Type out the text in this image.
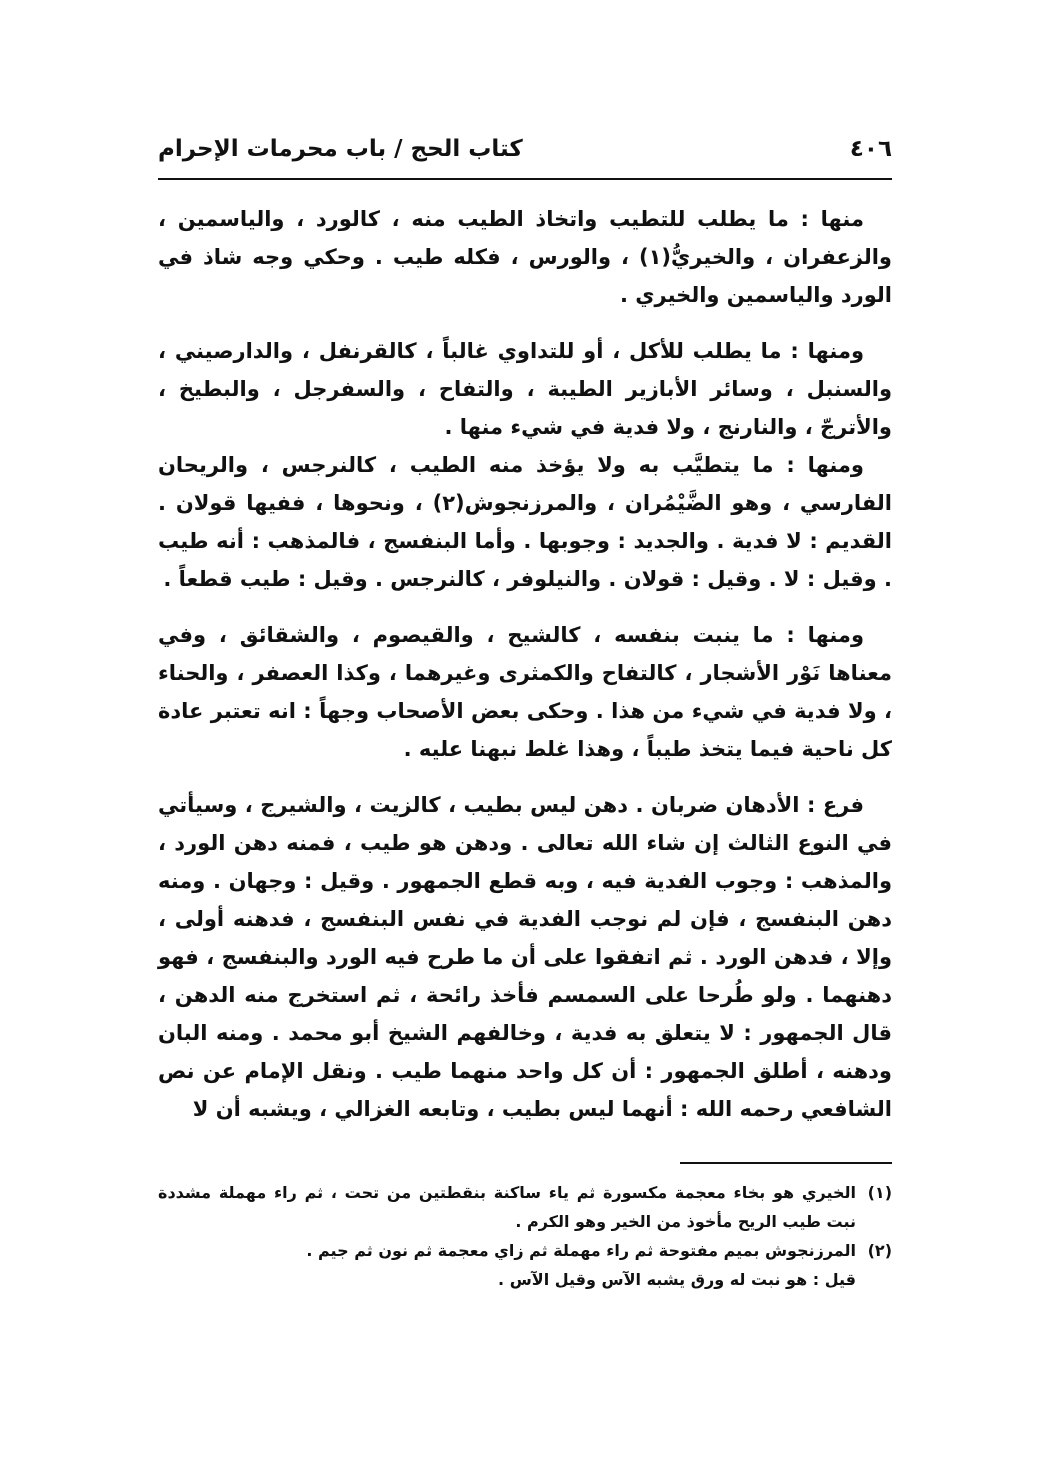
٤٠٦
كتاب الحج / باب محرمات الإحرام

منها : ما يطلب للتطيب واتخاذ الطيب منه ، كالورد ، والياسمين ، والزعفران ، والخيريُّ(١) ، والورس ، فكله طيب . وحكي وجه شاذ في الورد والياسمين والخيري .

ومنها : ما يطلب للأكل ، أو للتداوي غالباً ، كالقرنفل ، والدارصيني ، والسنبل ، وسائر الأبازير الطيبة ، والتفاح ، والسفرجل ، والبطيخ ، والأترجّ ، والنارنج ، ولا فدية في شيء منها .

ومنها : ما يتطيَّب به ولا يؤخذ منه الطيب ، كالنرجس ، والريحان الفارسي ، وهو الضَّيْمُران ، والمرزنجوش(٢) ، ونحوها ، ففيها قولان . القديم : لا فدية . والجديد : وجوبها . وأما البنفسج ، فالمذهب : أنه طيب . وقيل : لا . وقيل : قولان . والنيلوفر ، كالنرجس . وقيل : طيب قطعاً .

ومنها : ما ينبت بنفسه ، كالشيح ، والقيصوم ، والشقائق ، وفي معناها نَوْر الأشجار ، كالتفاح والكمثرى وغيرهما ، وكذا العصفر ، والحناء ، ولا فدية في شيء من هذا . وحكى بعض الأصحاب وجهاً : انه تعتبر عادة كل ناحية فيما يتخذ طيباً ، وهذا غلط نبهنا عليه .

فرع : الأدهان ضربان . دهن ليس بطيب ، كالزيت ، والشيرج ، وسيأتي في النوع الثالث إن شاء الله تعالى . ودهن هو طيب ، فمنه دهن الورد ، والمذهب : وجوب الفدية فيه ، وبه قطع الجمهور . وقيل : وجهان . ومنه دهن البنفسج ، فإن لم نوجب الفدية في نفس البنفسج ، فدهنه أولى ، وإلا ، فدهن الورد . ثم اتفقوا على أن ما طرح فيه الورد والبنفسج ، فهو دهنهما . ولو طُرحا على السمسم فأخذ رائحة ، ثم استخرج منه الدهن ، قال الجمهور : لا يتعلق به فدية ، وخالفهم الشيخ أبو محمد . ومنه البان ودهنه ، أطلق الجمهور : أن كل واحد منهما طيب . ونقل الإمام عن نص الشافعي رحمه الله : أنهما ليس بطيب ، وتابعه الغزالي ، ويشبه أن لا

(١)
الخيري هو بخاء معجمة مكسورة ثم ياء ساكنة بنقطتين من تحت ، ثم راء مهملة مشددة نبت طيب الريح مأخوذ من الخير وهو الكرم .

(٢)
المرزنجوش بميم مفتوحة ثم راء مهملة ثم زاي معجمة ثم نون ثم جيم .

قيل : هو نبت له ورق يشبه الآس وقيل الآس .
